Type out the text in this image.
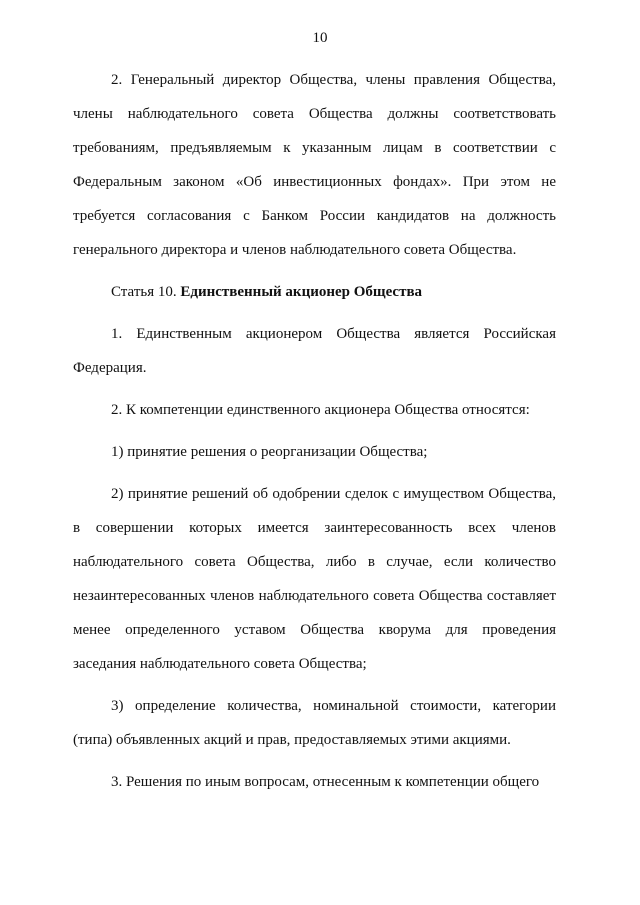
10

2. Генеральный директор Общества, члены правления Общества, члены наблюдательного совета Общества должны соответствовать требованиям, предъявляемым к указанным лицам в соответствии с Федеральным законом «Об инвестиционных фондах». При этом не требуется согласования с Банком России кандидатов на должность генерального директора и членов наблюдательного совета Общества.

Статья 10. Единственный акционер Общества

1. Единственным акционером Общества является Российская Федерация.

2. К компетенции единственного акционера Общества относятся:

1) принятие решения о реорганизации Общества;

2) принятие решений об одобрении сделок с имуществом Общества, в совершении которых имеется заинтересованность всех членов наблюдательного совета Общества, либо в случае, если количество незаинтересованных членов наблюдательного совета Общества составляет менее определенного уставом Общества кворума для проведения заседания наблюдательного совета Общества;

3) определение количества, номинальной стоимости, категории (типа) объявленных акций и прав, предоставляемых этими акциями.

3. Решения по иным вопросам, отнесенным к компетенции общего
